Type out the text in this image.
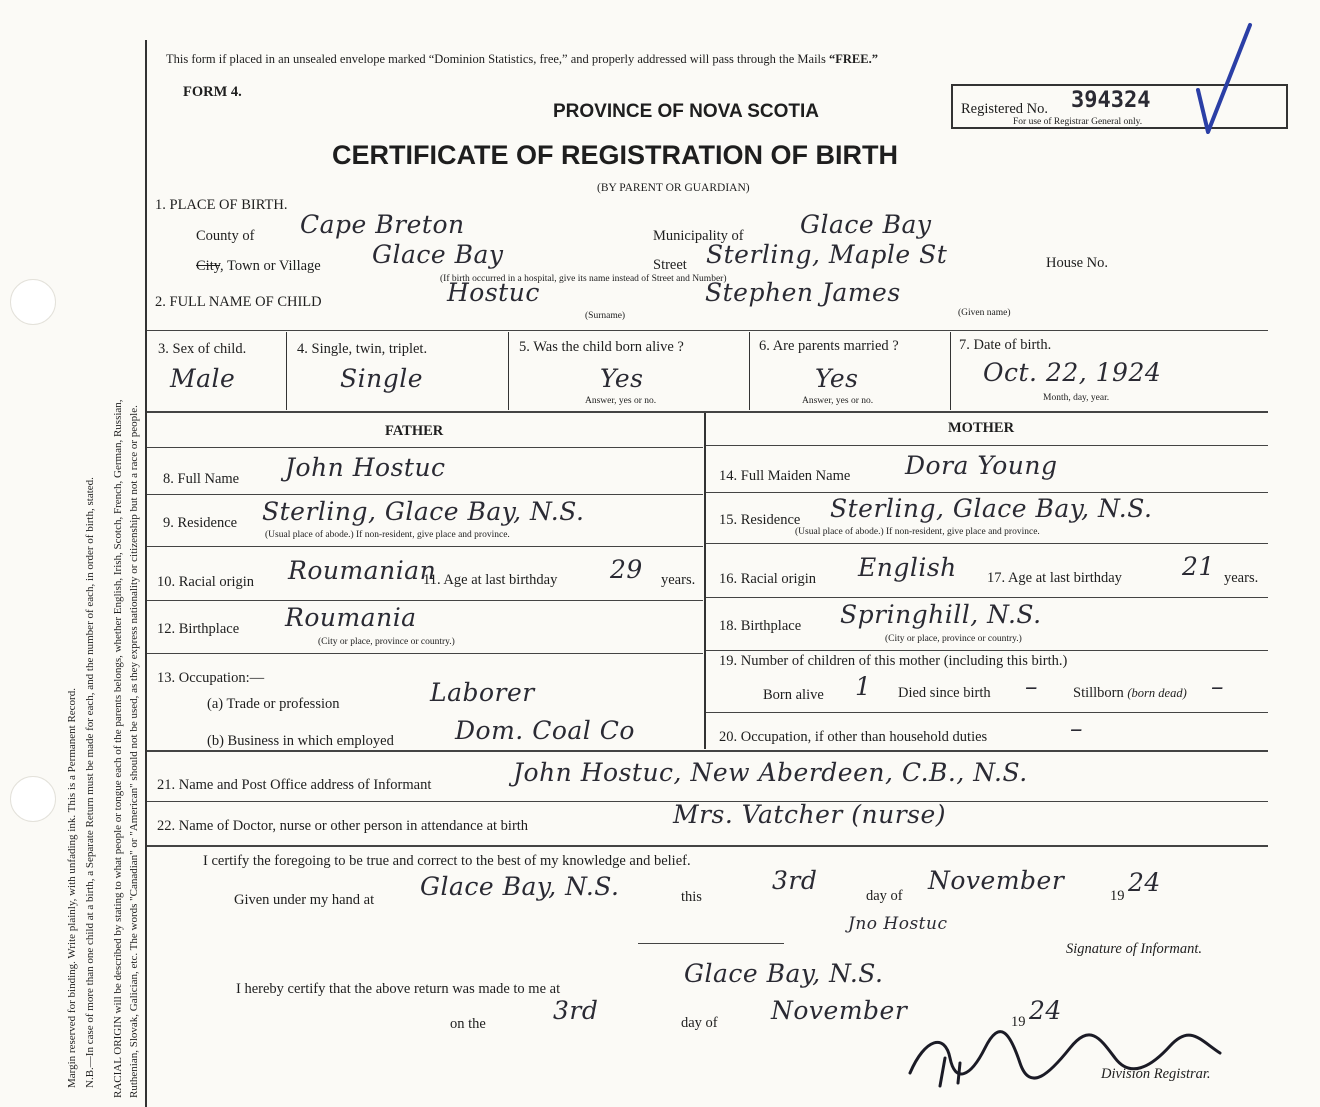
Margin reserved for binding. Write plainly, with unfading ink. This is a Permanent Record. N.B.—In case of more than one child at a birth, a Separate Return must be made for each, and the number of each, in order of birth, stated. RACIAL ORIGIN will be described by stating to what people or tongue each of the parents belongs, whether English, Irish, Scotch, French, German, Russian, Ruthenian, Slovak, Galician, etc. The words "Canadian" or "American" should not be used, as they express nationality or citizenship but not a race or people.
This form if placed in an unsealed envelope marked “Dominion Statistics, free,” and properly addressed will pass through the Mails “FREE.”
FORM 4.
PROVINCE OF NOVA SCOTIA	Registered No. 394324
For use of Registrar General only.
CERTIFICATE OF REGISTRATION OF BIRTH
(BY PARENT OR GUARDIAN)
1. PLACE OF BIRTH.
County of Cape Breton	Municipality of Glace Bay
City, Town or Village Glace Bay	Street Sterling, Maple St	House No.
(If birth occurred in a hospital, give its name instead of Street and Number)
2. FULL NAME OF CHILD	Hostuc	Stephen James
(Surname)	(Given name)
3. Sex of child.
Male
4. Single, twin, triplet.
Single
5. Was the child born alive ?
Yes
Answer, yes or no.
6. Are parents married ?
Yes
Answer, yes or no.
7. Date of birth.
Oct. 22, 1924
Month, day, year.
FATHER	MOTHER
8. Full Name John Hostuc
9. Residence Sterling, Glace Bay, N.S.
(Usual place of abode.) If non-resident, give place and province.
10. Racial origin Roumanian
11. Age at last birthday 29 years.
12. Birthplace Roumania
(City or place, province or country.)
13. Occupation:—
(a) Trade or profession	Laborer
(b) Business in which employed Dom. Coal Co
14. Full Maiden Name Dora Young
15. Residence Sterling, Glace Bay, N.S.
(Usual place of abode.) If non-resident, give place and province.
16. Racial origin English 17. Age at last birthday 21 years.
18. Birthplace Springhill, N.S.
(City or place, province or country.)
19. Number of children of this mother (including this birth.)
Born alive 1 Died since birth – Stillborn (born dead) –
20. Occupation, if other than household duties	–
21. Name and Post Office address of Informant	John Hostuc, New Aberdeen, C.B., N.S.
22. Name of Doctor, nurse or other person in attendance at birth	Mrs. Vatcher (nurse)
I certify the foregoing to be true and correct to the best of my knowledge and belief.
Given under my hand at Glace Bay, N.S.	this
3rd
day of
November
19 24
Jno Hostuc
Signature of Informant.
I hereby certify that the above return was made to me at
Glace Bay, N.S.
on the	3rd	day of November	19 24
Division Registrar.
